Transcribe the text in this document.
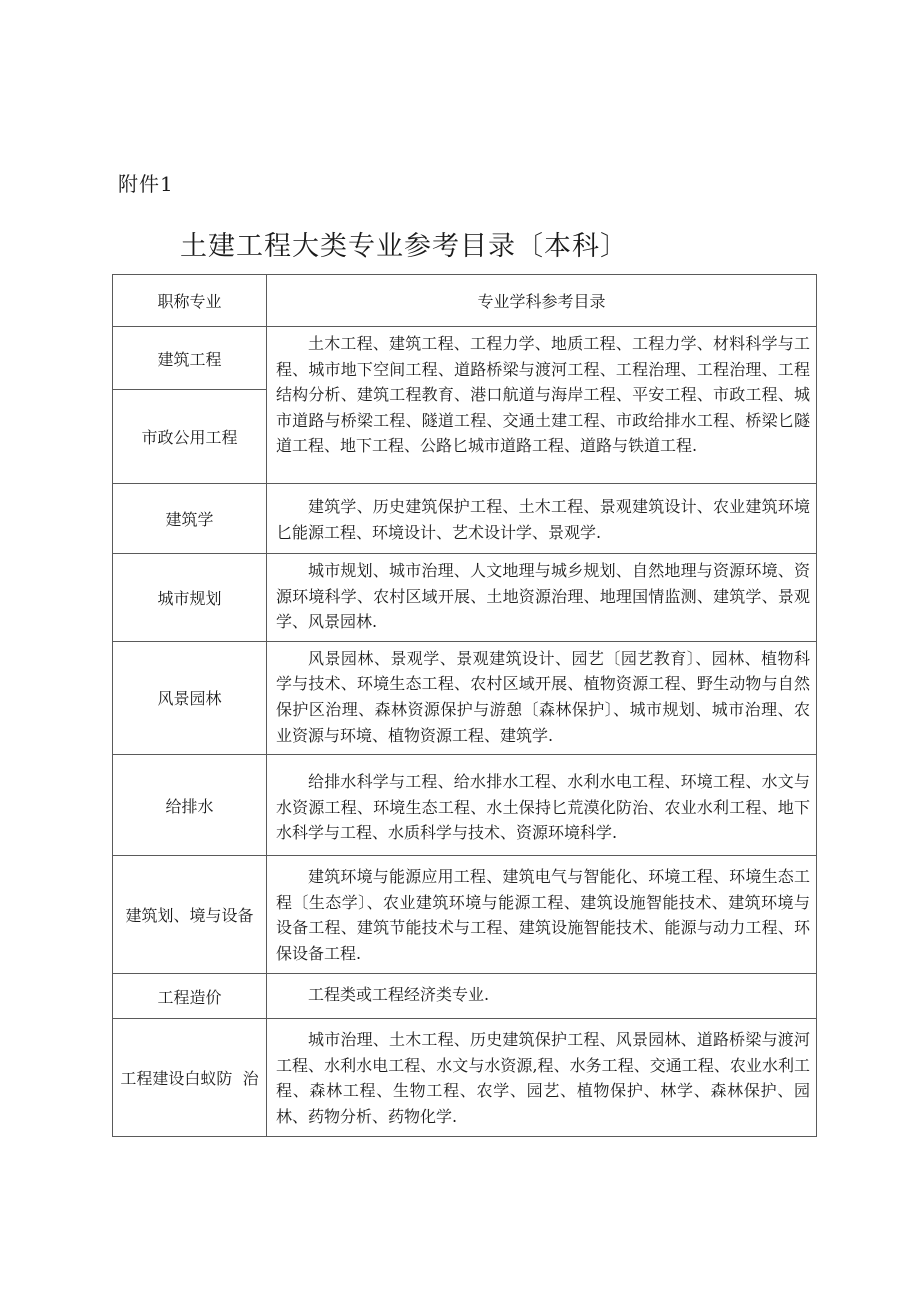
附件1
土建工程大类专业参考目录〔本科〕
职称专业	专业学科参考目录
建筑工程	土木工程、建筑工程、工程力学、地质工程、工程力学、材料科学与工程、城市地下空间工程、道路桥梁与渡河工程、工程治理、工程治理、工程结构分析、建筑工程教育、港口航道与海岸工程、平安工程、市政工程、城市道路与桥梁工程、隧道工程、交通土建工程、市政给排水工程、桥梁匕隧道工程、地下工程、公路匕城市道路工程、道路与铁道工程.
市政公用工程	
建筑学	建筑学、历史建筑保护工程、土木工程、景观建筑设计、农业建筑环境匕能源工程、环境设计、艺术设计学、景观学.
城市规划	城市规划、城市治理、人文地理与城乡规划、自然地理与资源环境、资源环境科学、农村区域开展、土地资源治理、地理国情监测、建筑学、景观学、风景园林.
风景园林	风景园林、景观学、景观建筑设计、园艺〔园艺教育〕、园林、植物科学与技术、环境生态工程、农村区域开展、植物资源工程、野生动物与自然保护区治理、森林资源保护与游憩〔森林保护〕、城市规划、城市治理、农业资源与环境、植物资源工程、建筑学.
给排水	给排水科学与工程、给水排水工程、水利水电工程、环境工程、水文与水资源工程、环境生态工程、水土保持匕荒漠化防治、农业水利工程、地下水科学与工程、水质科学与技术、资源环境科学.
建筑划、境与设备	建筑环境与能源应用工程、建筑电气与智能化、环境工程、环境生态工程〔生态学〕、农业建筑环境与能源工程、建筑设施智能技术、建筑环境与设备工程、建筑节能技术与工程、建筑设施智能技术、能源与动力工程、环保设备工程.
工程造价	工程类或工程经济类专业.
工程建设白蚁防  治	城市治理、土木工程、历史建筑保护工程、风景园林、道路桥梁与渡河工程、水利水电工程、水文与水资源,程、水务工程、交通工程、农业水利工程、森林工程、生物工程、农学、园艺、植物保护、林学、森林保护、园林、药物分析、药物化学.
